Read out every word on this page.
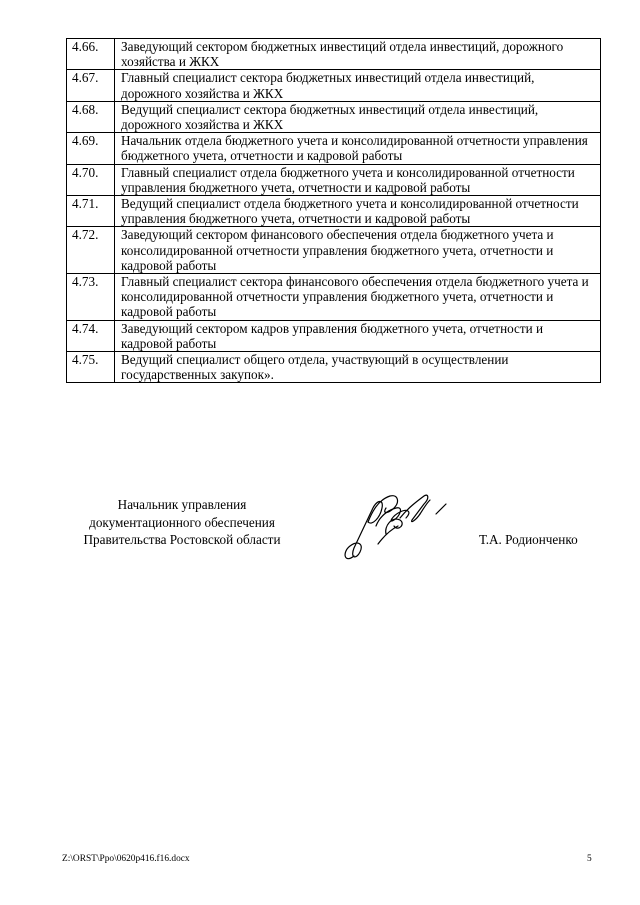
4.66.	Заведующий сектором бюджетных инвестиций отдела инвестиций, дорожного хозяйства и ЖКХ
4.67.	Главный специалист сектора бюджетных инвестиций отдела инвестиций, дорожного хозяйства и ЖКХ
4.68.	Ведущий специалист сектора бюджетных инвестиций отдела инвестиций, дорожного хозяйства и ЖКХ
4.69.	Начальник отдела бюджетного учета и консолидированной отчетности управления бюджетного учета, отчетности и кадровой работы
4.70.	Главный специалист отдела бюджетного учета и консолидированной отчетности управления бюджетного учета, отчетности и кадровой работы
4.71.	Ведущий специалист отдела бюджетного учета и консолидированной отчетности управления бюджетного учета, отчетности и кадровой работы
4.72.	Заведующий сектором финансового обеспечения отдела бюджетного учета и консолидированной отчетности управления бюджетного учета, отчетности и кадровой работы
4.73.	Главный специалист сектора финансового обеспечения отдела бюджетного учета и консолидированной отчетности управления бюджетного учета, отчетности и кадровой работы
4.74.	Заведующий сектором кадров управления бюджетного учета, отчетности и кадровой работы
4.75.	Ведущий специалист общего отдела, участвующий в осуществлении государственных закупок».
Начальник управления
документационного обеспечения
Правительства Ростовской области	Т.А. Родионченко
Z:\ORST\Ppo\0620p416.f16.docx	5
